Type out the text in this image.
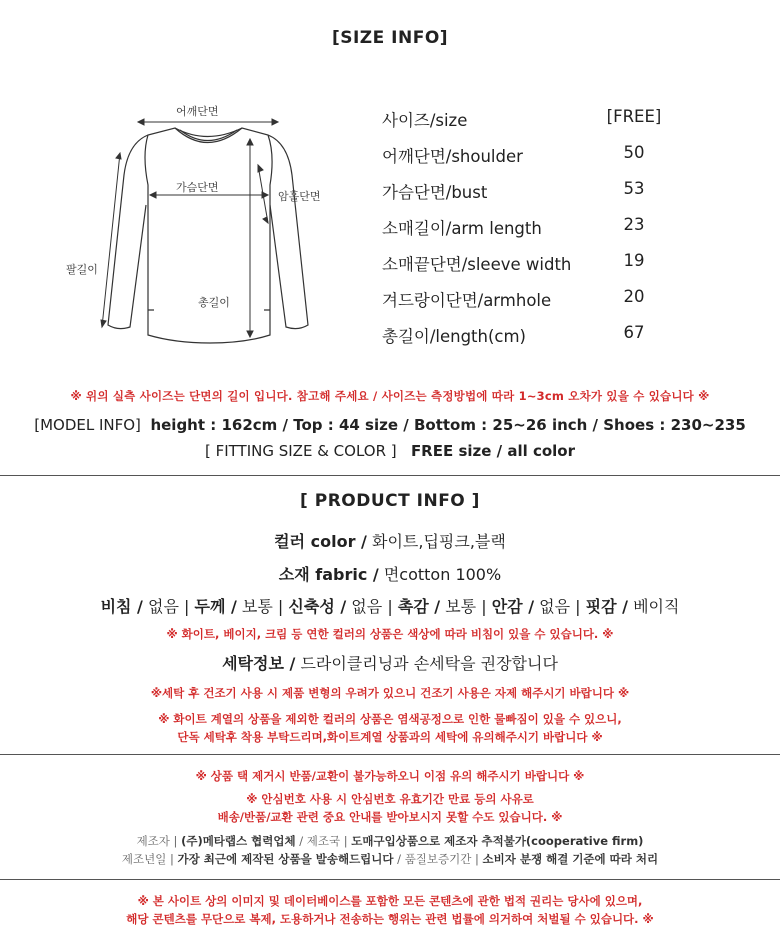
[SIZE INFO]
어깨단면
가슴단면
암홀단면
팔길이
총길이
사이즈/size	[FREE]
어깨단면/shoulder	50
가슴단면/bust	53
소매길이/arm length	23
소매끝단면/sleeve width	19
겨드랑이단면/armhole	20
총길이/length(cm)	67
※ 위의 실측 사이즈는 단면의 길이 입니다. 참고해 주세요 / 사이즈는 측정방법에 따라 1~3cm 오차가 있을 수 있습니다 ※
[MODEL INFO] height : 162cm / Top : 44 size / Bottom : 25~26 inch / Shoes : 230~235
[ FITTING SIZE & COLOR ] FREE size / all color
[ PRODUCT INFO ]
컬러 color / 화이트,딥핑크,블랙
소재 fabric / 면cotton 100%
비침 / 없음 | 두께 / 보통 | 신축성 / 없음 | 촉감 / 보통 | 안감 / 없음 | 핏감 / 베이직
※ 화이트, 베이지, 크림 등 연한 컬러의 상품은 색상에 따라 비침이 있을 수 있습니다. ※
세탁정보 / 드라이클리닝과 손세탁을 권장합니다
※세탁 후 건조기 사용 시 제품 변형의 우려가 있으니 건조기 사용은 자제 해주시기 바랍니다 ※
※ 화이트 계열의 상품을 제외한 컬러의 상품은 염색공정으로 인한 물빠짐이 있을 수 있으니,
단독 세탁후 착용 부탁드리며,화이트계열 상품과의 세탁에 유의해주시기 바랍니다 ※
※ 상품 택 제거시 반품/교환이 불가능하오니 이점 유의 해주시기 바랍니다 ※
※ 안심번호 사용 시 안심번호 유효기간 만료 등의 사유로
배송/반품/교환 관련 중요 안내를 받아보시지 못할 수도 있습니다. ※
제조자 | (주)메타랩스 협력업체 / 제조국 | 도매구입상품으로 제조자 추적불가(cooperative firm)
제조년일 | 가장 최근에 제작된 상품을 발송해드립니다 / 품질보증기간 | 소비자 분쟁 해결 기준에 따라 처리
※ 본 사이트 상의 이미지 및 데이터베이스를 포함한 모든 콘텐츠에 관한 법적 권리는 당사에 있으며,
해당 콘텐츠를 무단으로 복제, 도용하거나 전송하는 행위는 관련 법률에 의거하여 처벌될 수 있습니다. ※
